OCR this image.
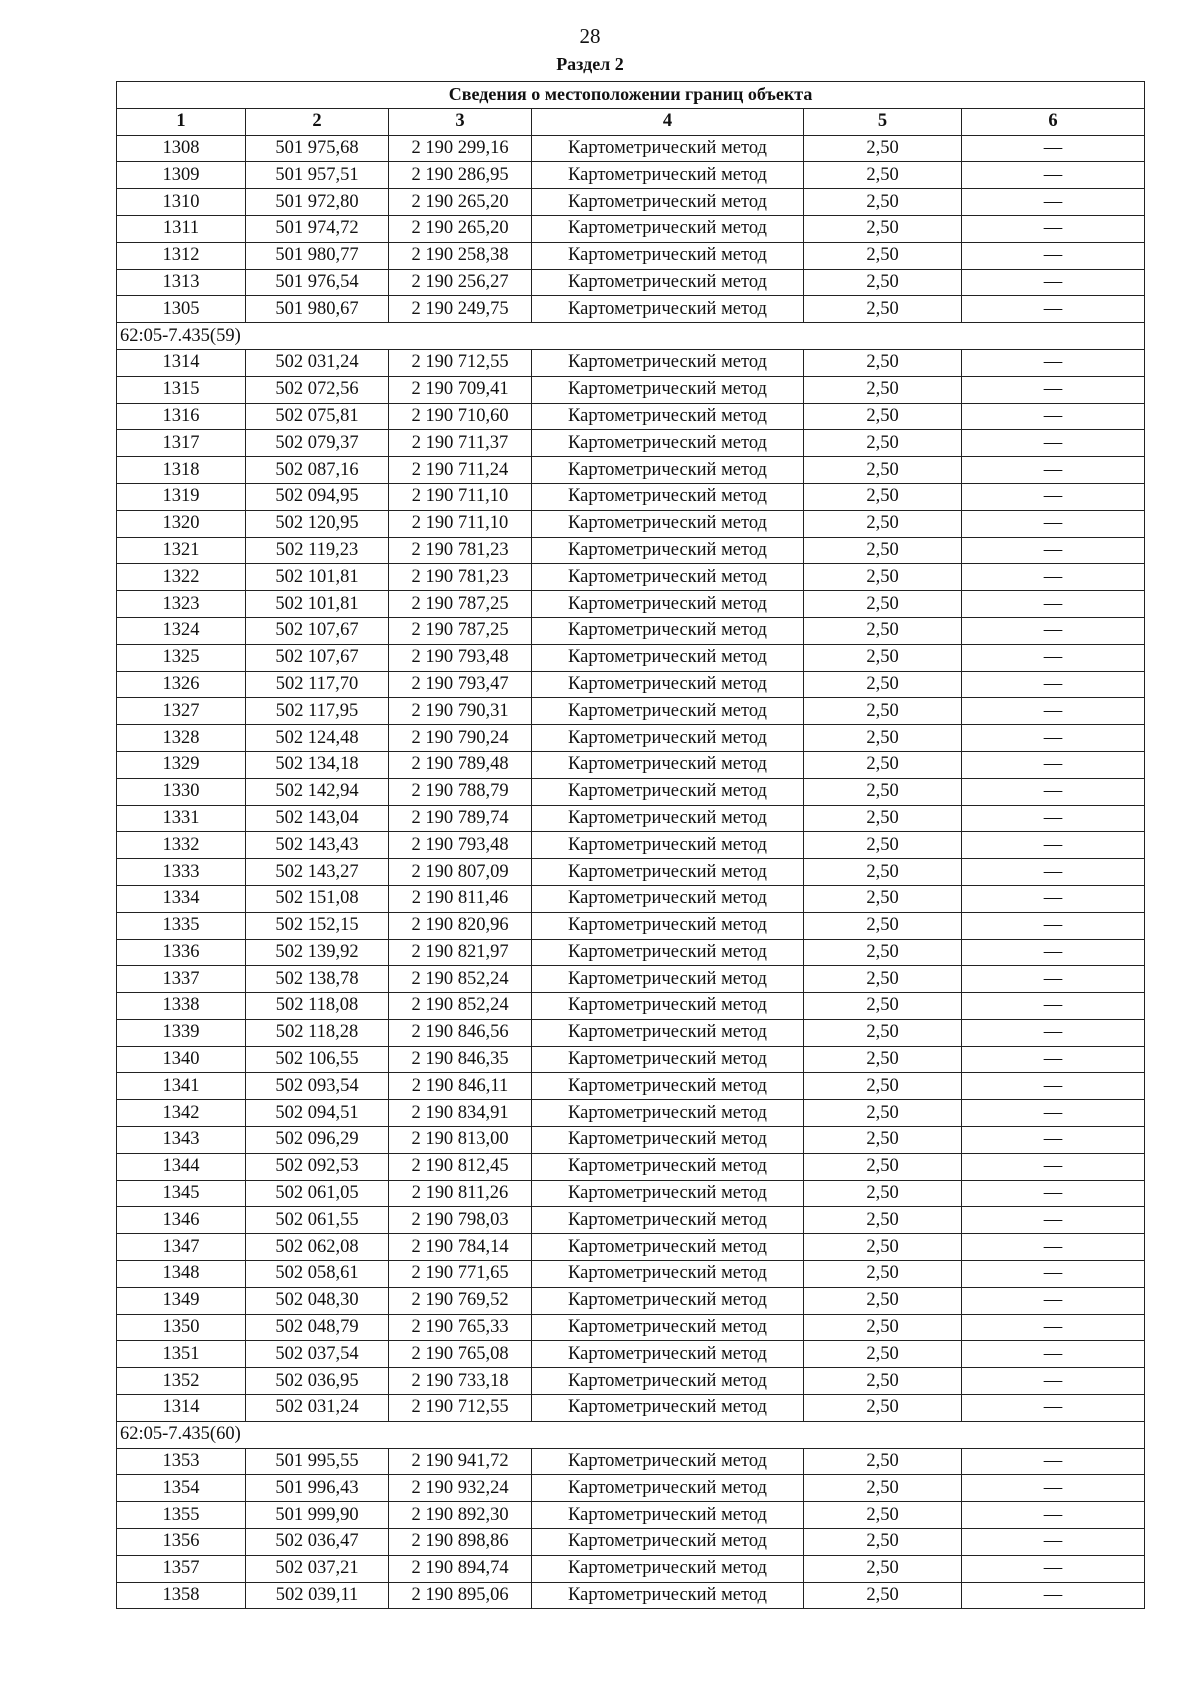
28
Раздел 2
Сведения о местоположении границ объекта					
1	2	3	4	5	6
1308	501 975,68	2 190 299,16	Картометрический метод	2,50	—
1309	501 957,51	2 190 286,95	Картометрический метод	2,50	—
1310	501 972,80	2 190 265,20	Картометрический метод	2,50	—
1311	501 974,72	2 190 265,20	Картометрический метод	2,50	—
1312	501 980,77	2 190 258,38	Картометрический метод	2,50	—
1313	501 976,54	2 190 256,27	Картометрический метод	2,50	—
1305	501 980,67	2 190 249,75	Картометрический метод	2,50	—
62:05-7.435(59)					
1314	502 031,24	2 190 712,55	Картометрический метод	2,50	—
1315	502 072,56	2 190 709,41	Картометрический метод	2,50	—
1316	502 075,81	2 190 710,60	Картометрический метод	2,50	—
1317	502 079,37	2 190 711,37	Картометрический метод	2,50	—
1318	502 087,16	2 190 711,24	Картометрический метод	2,50	—
1319	502 094,95	2 190 711,10	Картометрический метод	2,50	—
1320	502 120,95	2 190 711,10	Картометрический метод	2,50	—
1321	502 119,23	2 190 781,23	Картометрический метод	2,50	—
1322	502 101,81	2 190 781,23	Картометрический метод	2,50	—
1323	502 101,81	2 190 787,25	Картометрический метод	2,50	—
1324	502 107,67	2 190 787,25	Картометрический метод	2,50	—
1325	502 107,67	2 190 793,48	Картометрический метод	2,50	—
1326	502 117,70	2 190 793,47	Картометрический метод	2,50	—
1327	502 117,95	2 190 790,31	Картометрический метод	2,50	—
1328	502 124,48	2 190 790,24	Картометрический метод	2,50	—
1329	502 134,18	2 190 789,48	Картометрический метод	2,50	—
1330	502 142,94	2 190 788,79	Картометрический метод	2,50	—
1331	502 143,04	2 190 789,74	Картометрический метод	2,50	—
1332	502 143,43	2 190 793,48	Картометрический метод	2,50	—
1333	502 143,27	2 190 807,09	Картометрический метод	2,50	—
1334	502 151,08	2 190 811,46	Картометрический метод	2,50	—
1335	502 152,15	2 190 820,96	Картометрический метод	2,50	—
1336	502 139,92	2 190 821,97	Картометрический метод	2,50	—
1337	502 138,78	2 190 852,24	Картометрический метод	2,50	—
1338	502 118,08	2 190 852,24	Картометрический метод	2,50	—
1339	502 118,28	2 190 846,56	Картометрический метод	2,50	—
1340	502 106,55	2 190 846,35	Картометрический метод	2,50	—
1341	502 093,54	2 190 846,11	Картометрический метод	2,50	—
1342	502 094,51	2 190 834,91	Картометрический метод	2,50	—
1343	502 096,29	2 190 813,00	Картометрический метод	2,50	—
1344	502 092,53	2 190 812,45	Картометрический метод	2,50	—
1345	502 061,05	2 190 811,26	Картометрический метод	2,50	—
1346	502 061,55	2 190 798,03	Картометрический метод	2,50	—
1347	502 062,08	2 190 784,14	Картометрический метод	2,50	—
1348	502 058,61	2 190 771,65	Картометрический метод	2,50	—
1349	502 048,30	2 190 769,52	Картометрический метод	2,50	—
1350	502 048,79	2 190 765,33	Картометрический метод	2,50	—
1351	502 037,54	2 190 765,08	Картометрический метод	2,50	—
1352	502 036,95	2 190 733,18	Картометрический метод	2,50	—
1314	502 031,24	2 190 712,55	Картометрический метод	2,50	—
62:05-7.435(60)					
1353	501 995,55	2 190 941,72	Картометрический метод	2,50	—
1354	501 996,43	2 190 932,24	Картометрический метод	2,50	—
1355	501 999,90	2 190 892,30	Картометрический метод	2,50	—
1356	502 036,47	2 190 898,86	Картометрический метод	2,50	—
1357	502 037,21	2 190 894,74	Картометрический метод	2,50	—
1358	502 039,11	2 190 895,06	Картометрический метод	2,50	—
